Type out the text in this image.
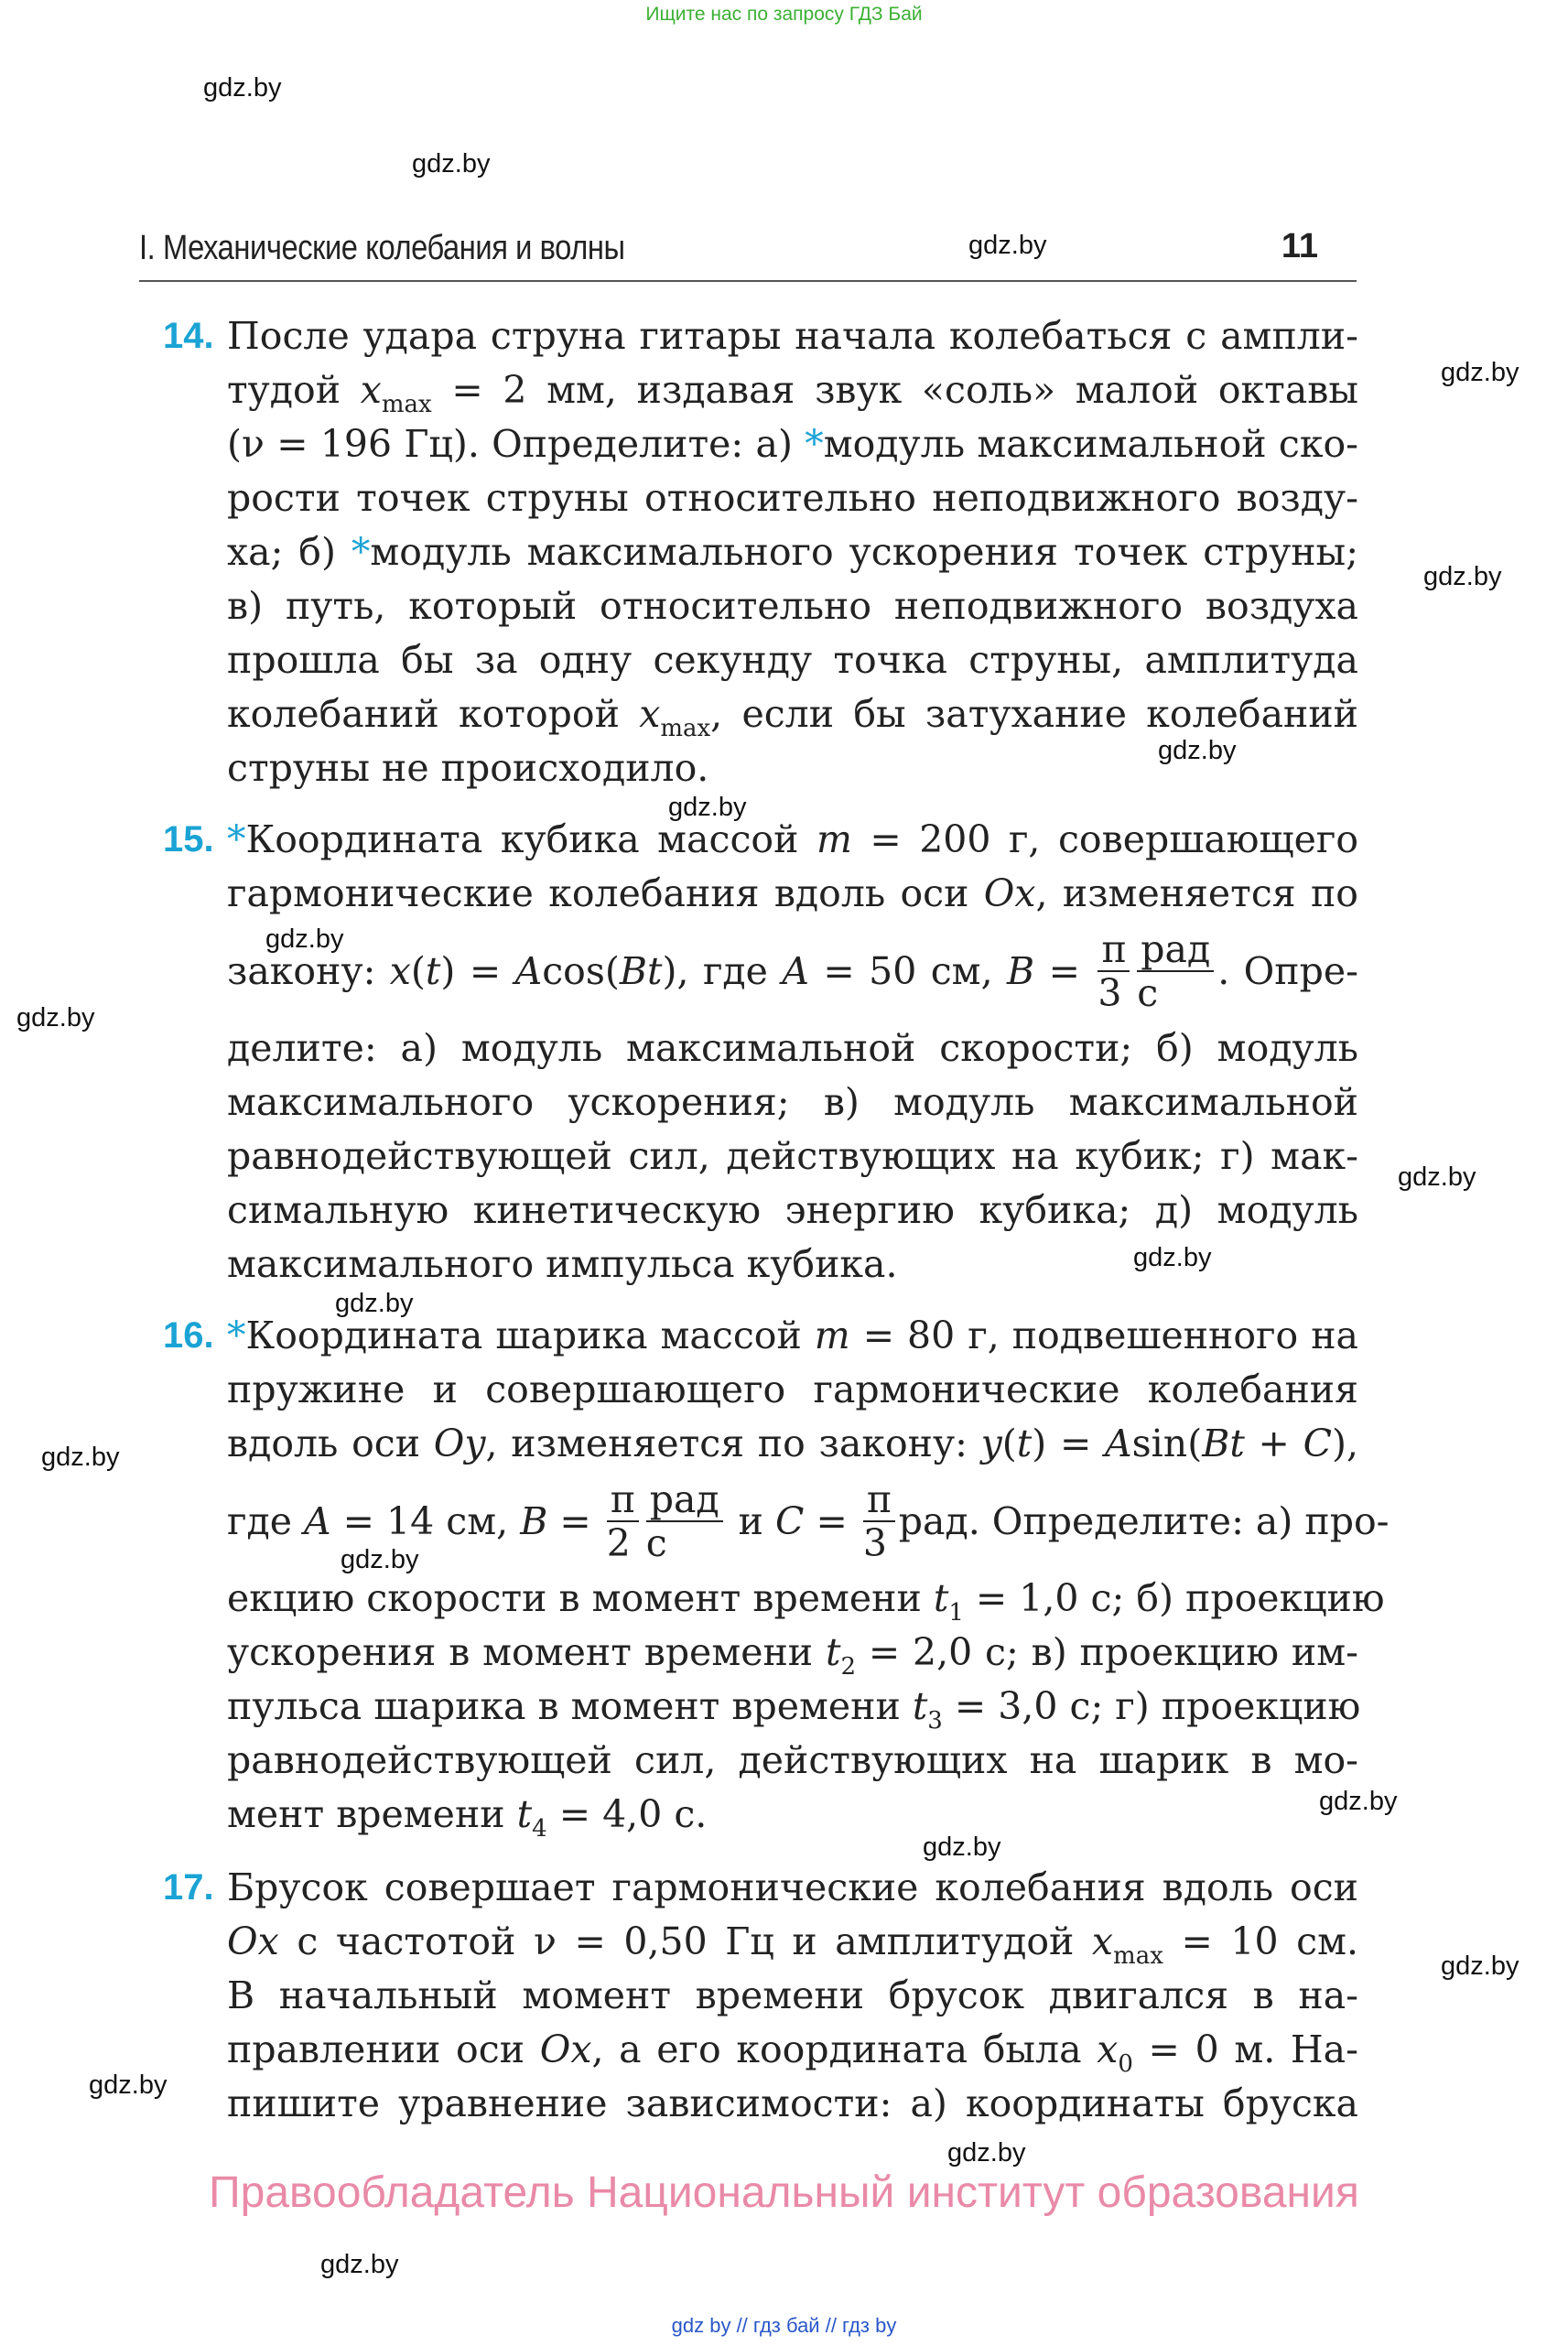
Ищите нас по запросу ГДЗ Бай
gdz.by
gdz.by
gdz.by
gdz.by
gdz.by
gdz.by
gdz.by
gdz.by
gdz.by
gdz.by
gdz.by
gdz.by
gdz.by
gdz.by
gdz.by
gdz.by
gdz.by
gdz.by
gdz.by
gdz.by
I. Механические колебания и волны	11
14. После удара струна гитары начала колебаться с ампли-
тудой $x_{max} = 2$ мм, издавая звук «соль» малой октавы
(ν = 196 Гц). Определите: а) *модуль максимальной ско-
рости точек струны относительно неподвижного возду-
ха; б) *модуль максимального ускорения точек струны;
в) путь, который относительно неподвижного воздуха
прошла бы за одну секунду точка струны, амплитуда
колебаний которой $x_{max}$, если бы затухание колебаний
струны не происходило.
15. *Координата кубика массой m = 200 г, совершающего
гармонические колебания вдоль оси Ox, изменяется по
закону: x(t) = Acos(Bt), где A = 50 см, $B = \frac{\pi}{3} \frac{\text{рад}}{с}$ . Опре-
делите: а) модуль максимальной скорости; б) модуль
максимального ускорения; в) модуль максимальной
равнодействующей сил, действующих на кубик; г) мак-
симальную кинетическую энергию кубика; д) модуль
максимального импульса кубика.
16. *Координата шарика массой m = 80 г, подвешенного на
пружине и совершающего гармонические колебания
вдоль оси Oy, изменяется по закону: y(t) = Asin(Bt + C),
где A = 14 см, $B = \frac{\pi}{2} \frac{\text{рад}}{с}$ и $C = \frac{\pi}{3}$ рад. Определите: а) про-
екцию скорости в момент времени $t_1 = 1,0$ с; б) проекцию
ускорения в момент времени $t_2 = 2,0$ с; в) проекцию им-
пульса шарика в момент времени $t_3 = 3,0$ с; г) проекцию
равнодействующей сил, действующих на шарик в мо-
мент времени $t_4 = 4,0$ с.
17. Брусок совершает гармонические колебания вдоль оси
Ox с частотой ν = 0,50 Гц и амплитудой $x_{max} = 10$ см.
В начальный момент времени брусок двигался в на-
правлении оси Ox, а его координата была $x_0 = 0$ м. На-
пишите уравнение зависимости: а) координаты бруска
Правообладатель Национальный институт образования
gdz by // гдз бай // гдз by
